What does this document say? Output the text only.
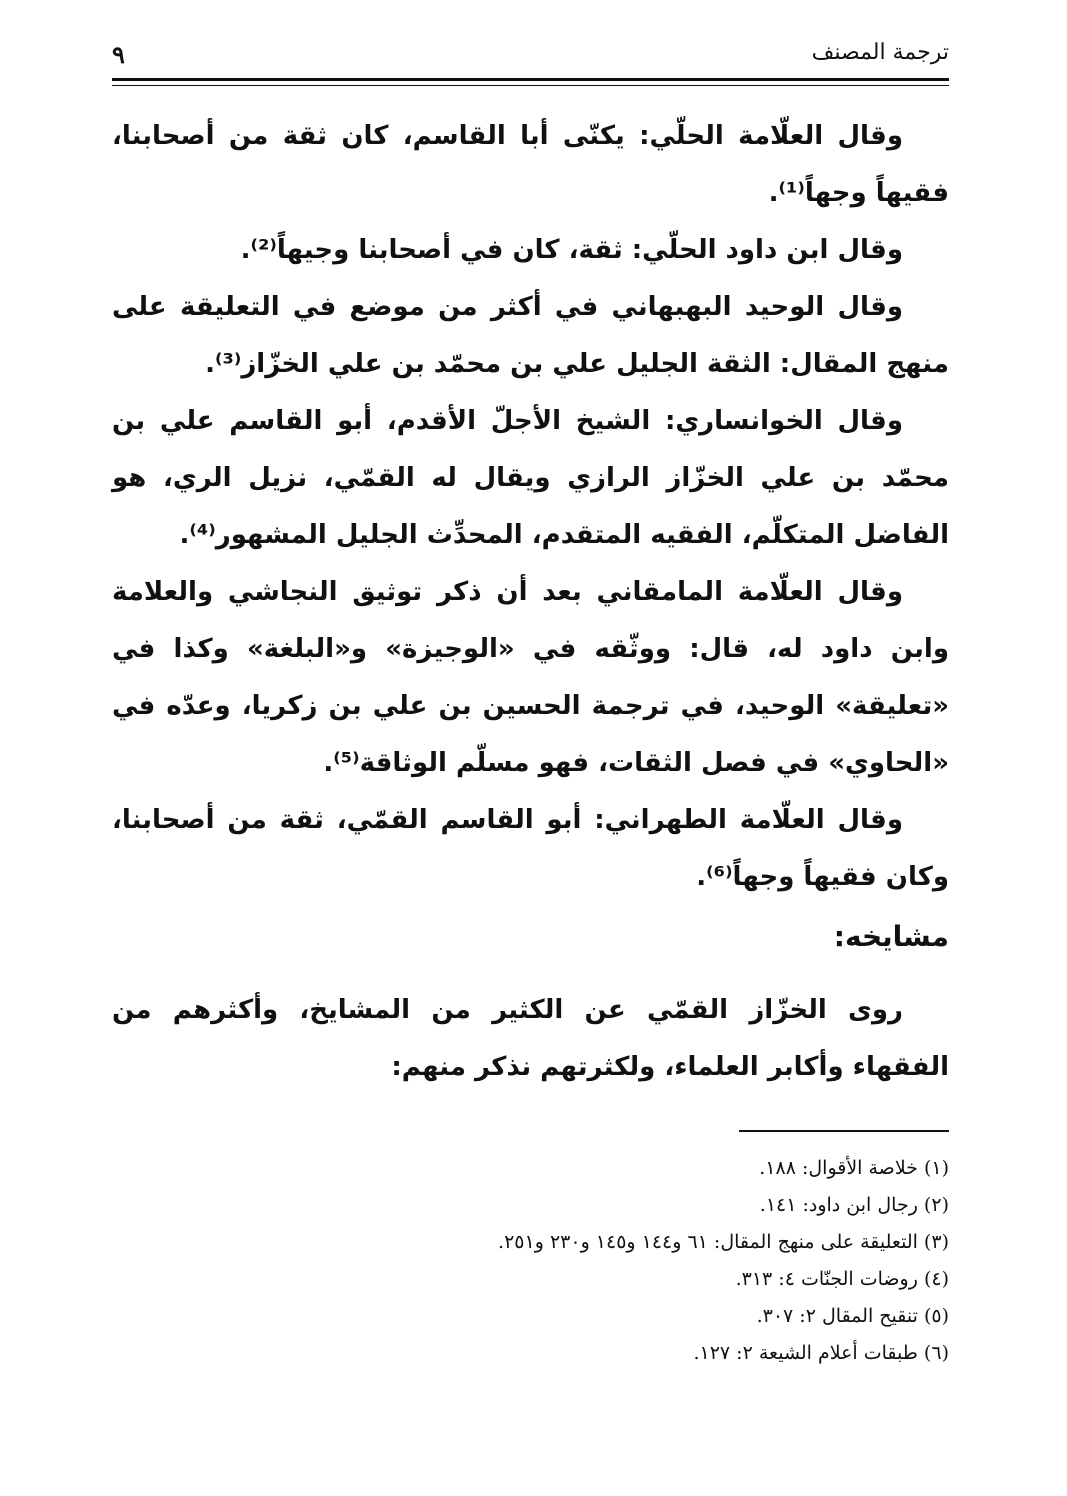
ترجمة المصنف
٩

وقال العلّامة الحلّي: يكنّى أبا القاسم، كان ثقة من أصحابنا، فقيهاً وجهاً⁽¹⁾.

وقال ابن داود الحلّي: ثقة، كان في أصحابنا وجيهاً⁽²⁾.

وقال الوحيد البهبهاني في أكثر من موضع في التعليقة على منهج المقال: الثقة الجليل علي بن محمّد بن علي الخزّاز⁽³⁾.

وقال الخوانساري: الشيخ الأجلّ الأقدم، أبو القاسم علي بن محمّد بن علي الخزّاز الرازي ويقال له القمّي، نزيل الري، هو الفاضل المتكلّم، الفقيه المتقدم، المحدِّث الجليل المشهور⁽⁴⁾.

وقال العلّامة المامقاني بعد أن ذكر توثيق النجاشي والعلامة وابن داود له، قال: ووثّقه في «الوجيزة» و«البلغة» وكذا في «تعليقة» الوحيد، في ترجمة الحسين بن علي بن زكريا، وعدّه في «الحاوي» في فصل الثقات، فهو مسلّم الوثاقة⁽⁵⁾.

وقال العلّامة الطهراني: أبو القاسم القمّي، ثقة من أصحابنا، وكان فقيهاً وجهاً⁽⁶⁾.

مشايخه:

روى الخزّاز القمّي عن الكثير من المشايخ، وأكثرهم من الفقهاء وأكابر العلماء، ولكثرتهم نذكر منهم:

(١) خلاصة الأقوال: ١٨٨.
(٢) رجال ابن داود: ١٤١.
(٣) التعليقة على منهج المقال: ٦١ و١٤٤ و١٤٥ و٢٣٠ و٢٥١.
(٤) روضات الجنّات ٤: ٣١٣.
(٥) تنقيح المقال ٢: ٣٠٧.
(٦) طبقات أعلام الشيعة ٢: ١٢٧.
